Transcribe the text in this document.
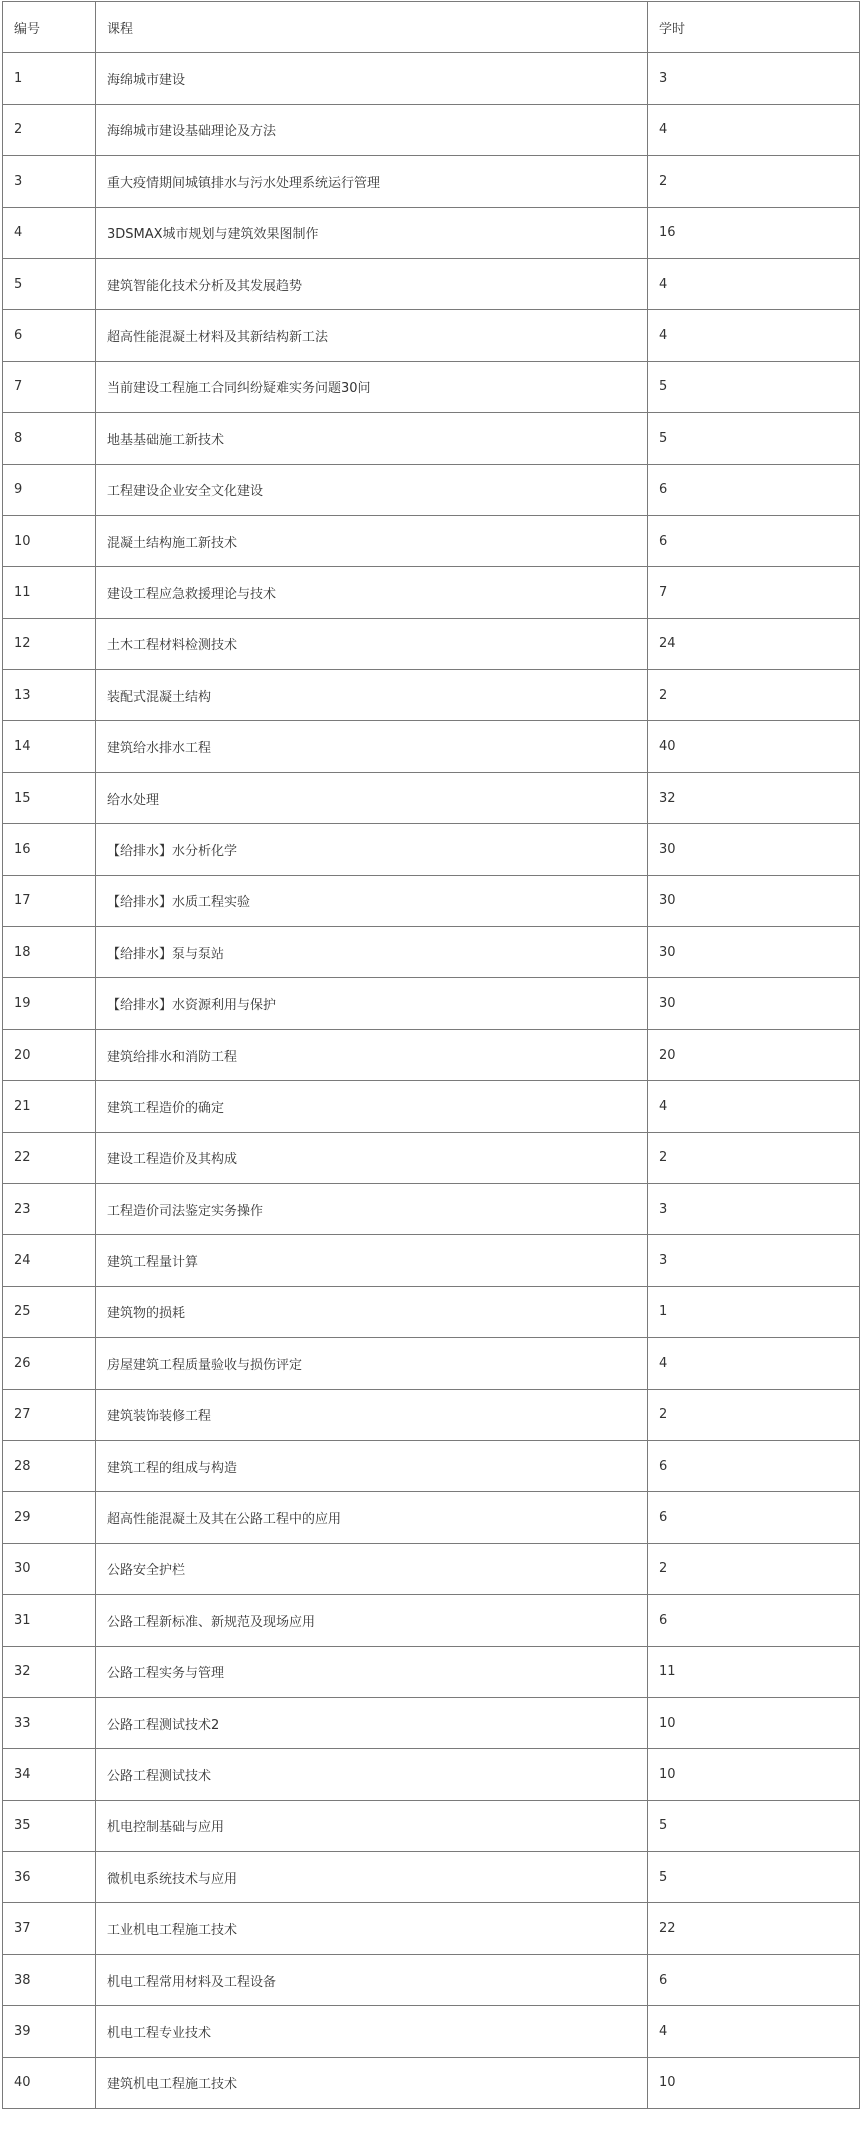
编号	课程	学时
1	海绵城市建设	3
2	海绵城市建设基础理论及方法	4
3	重大疫情期间城镇排水与污水处理系统运行管理	2
4	3DSMAX城市规划与建筑效果图制作	16
5	建筑智能化技术分析及其发展趋势	4
6	超高性能混凝土材料及其新结构新工法	4
7	当前建设工程施工合同纠纷疑难实务问题30问	5
8	地基基础施工新技术	5
9	工程建设企业安全文化建设	6
10	混凝土结构施工新技术	6
11	建设工程应急救援理论与技术	7
12	土木工程材料检测技术	24
13	装配式混凝土结构	2
14	建筑给水排水工程	40
15	给水处理	32
16	【给排水】水分析化学	30
17	【给排水】水质工程实验	30
18	【给排水】泵与泵站	30
19	【给排水】水资源利用与保护	30
20	建筑给排水和消防工程	20
21	建筑工程造价的确定	4
22	建设工程造价及其构成	2
23	工程造价司法鉴定实务操作	3
24	建筑工程量计算	3
25	建筑物的损耗	1
26	房屋建筑工程质量验收与损伤评定	4
27	建筑装饰装修工程	2
28	建筑工程的组成与构造	6
29	超高性能混凝土及其在公路工程中的应用	6
30	公路安全护栏	2
31	公路工程新标准、新规范及现场应用	6
32	公路工程实务与管理	11
33	公路工程测试技术2	10
34	公路工程测试技术	10
35	机电控制基础与应用	5
36	微机电系统技术与应用	5
37	工业机电工程施工技术	22
38	机电工程常用材料及工程设备	6
39	机电工程专业技术	4
40	建筑机电工程施工技术	10
